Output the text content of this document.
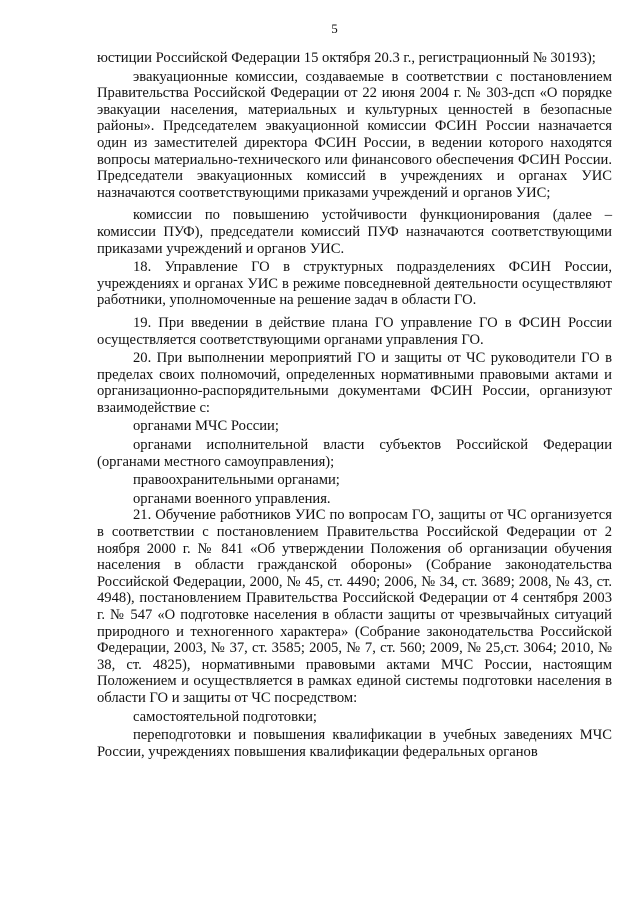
5

юстиции Российской Федерации 15 октября 20.3 г., регистрационный № 30193);

эвакуационные комиссии, создаваемые в соответствии с постановлением Правительства Российской Федерации от 22 июня 2004 г. № 303-дсп «О порядке эвакуации населения, материальных и культурных ценностей в безопасные районы». Председателем эвакуационной комиссии ФСИН России назначается один из заместителей директора ФСИН России, в ведении которого находятся вопросы материально-технического или финансового обеспечения ФСИН России. Председатели эвакуационных комиссий в учреждениях и органах УИС назначаются соответствующими приказами учреждений и органов УИС;

комиссии по повышению устойчивости функционирования (далее – комиссии ПУФ), председатели комиссий ПУФ назначаются соответствующими приказами учреждений и органов УИС.

18. Управление ГО в структурных подразделениях ФСИН России, учреждениях и органах УИС в режиме повседневной деятельности осуществляют работники, уполномоченные на решение задач в области ГО.

19. При введении в действие плана ГО управление ГО в ФСИН России осуществляется соответствующими органами управления ГО.

20. При выполнении мероприятий ГО и защиты от ЧС руководители ГО в пределах своих полномочий, определенных нормативными правовыми актами и организационно-распорядительными документами ФСИН России, организуют взаимодействие с:

органами МЧС России;

органами исполнительной власти субъектов Российской Федерации (органами местного самоуправления);

правоохранительными органами;

органами военного управления.

21. Обучение работников УИС по вопросам ГО, защиты от ЧС организуется в соответствии с постановлением Правительства Российской Федерации от 2 ноября 2000 г. № 841 «Об утверждении Положения об организации обучения населения в области гражданской обороны» (Собрание законодательства Российской Федерации, 2000, № 45, ст. 4490; 2006, № 34, ст. 3689; 2008, № 43, ст. 4948), постановлением Правительства Российской Федерации от 4 сентября 2003 г. № 547 «О подготовке населения в области защиты от чрезвычайных ситуаций природного и техногенного характера» (Собрание законодательства Российской Федерации, 2003, № 37, ст. 3585; 2005, № 7, ст. 560; 2009, № 25,ст. 3064; 2010, № 38, ст. 4825), нормативными правовыми актами МЧС России, настоящим Положением и осуществляется в рамках единой системы подготовки населения в области ГО и защиты от ЧС посредством:

самостоятельной подготовки;

переподготовки и повышения квалификации в учебных заведениях МЧС России, учреждениях повышения квалификации федеральных органов
